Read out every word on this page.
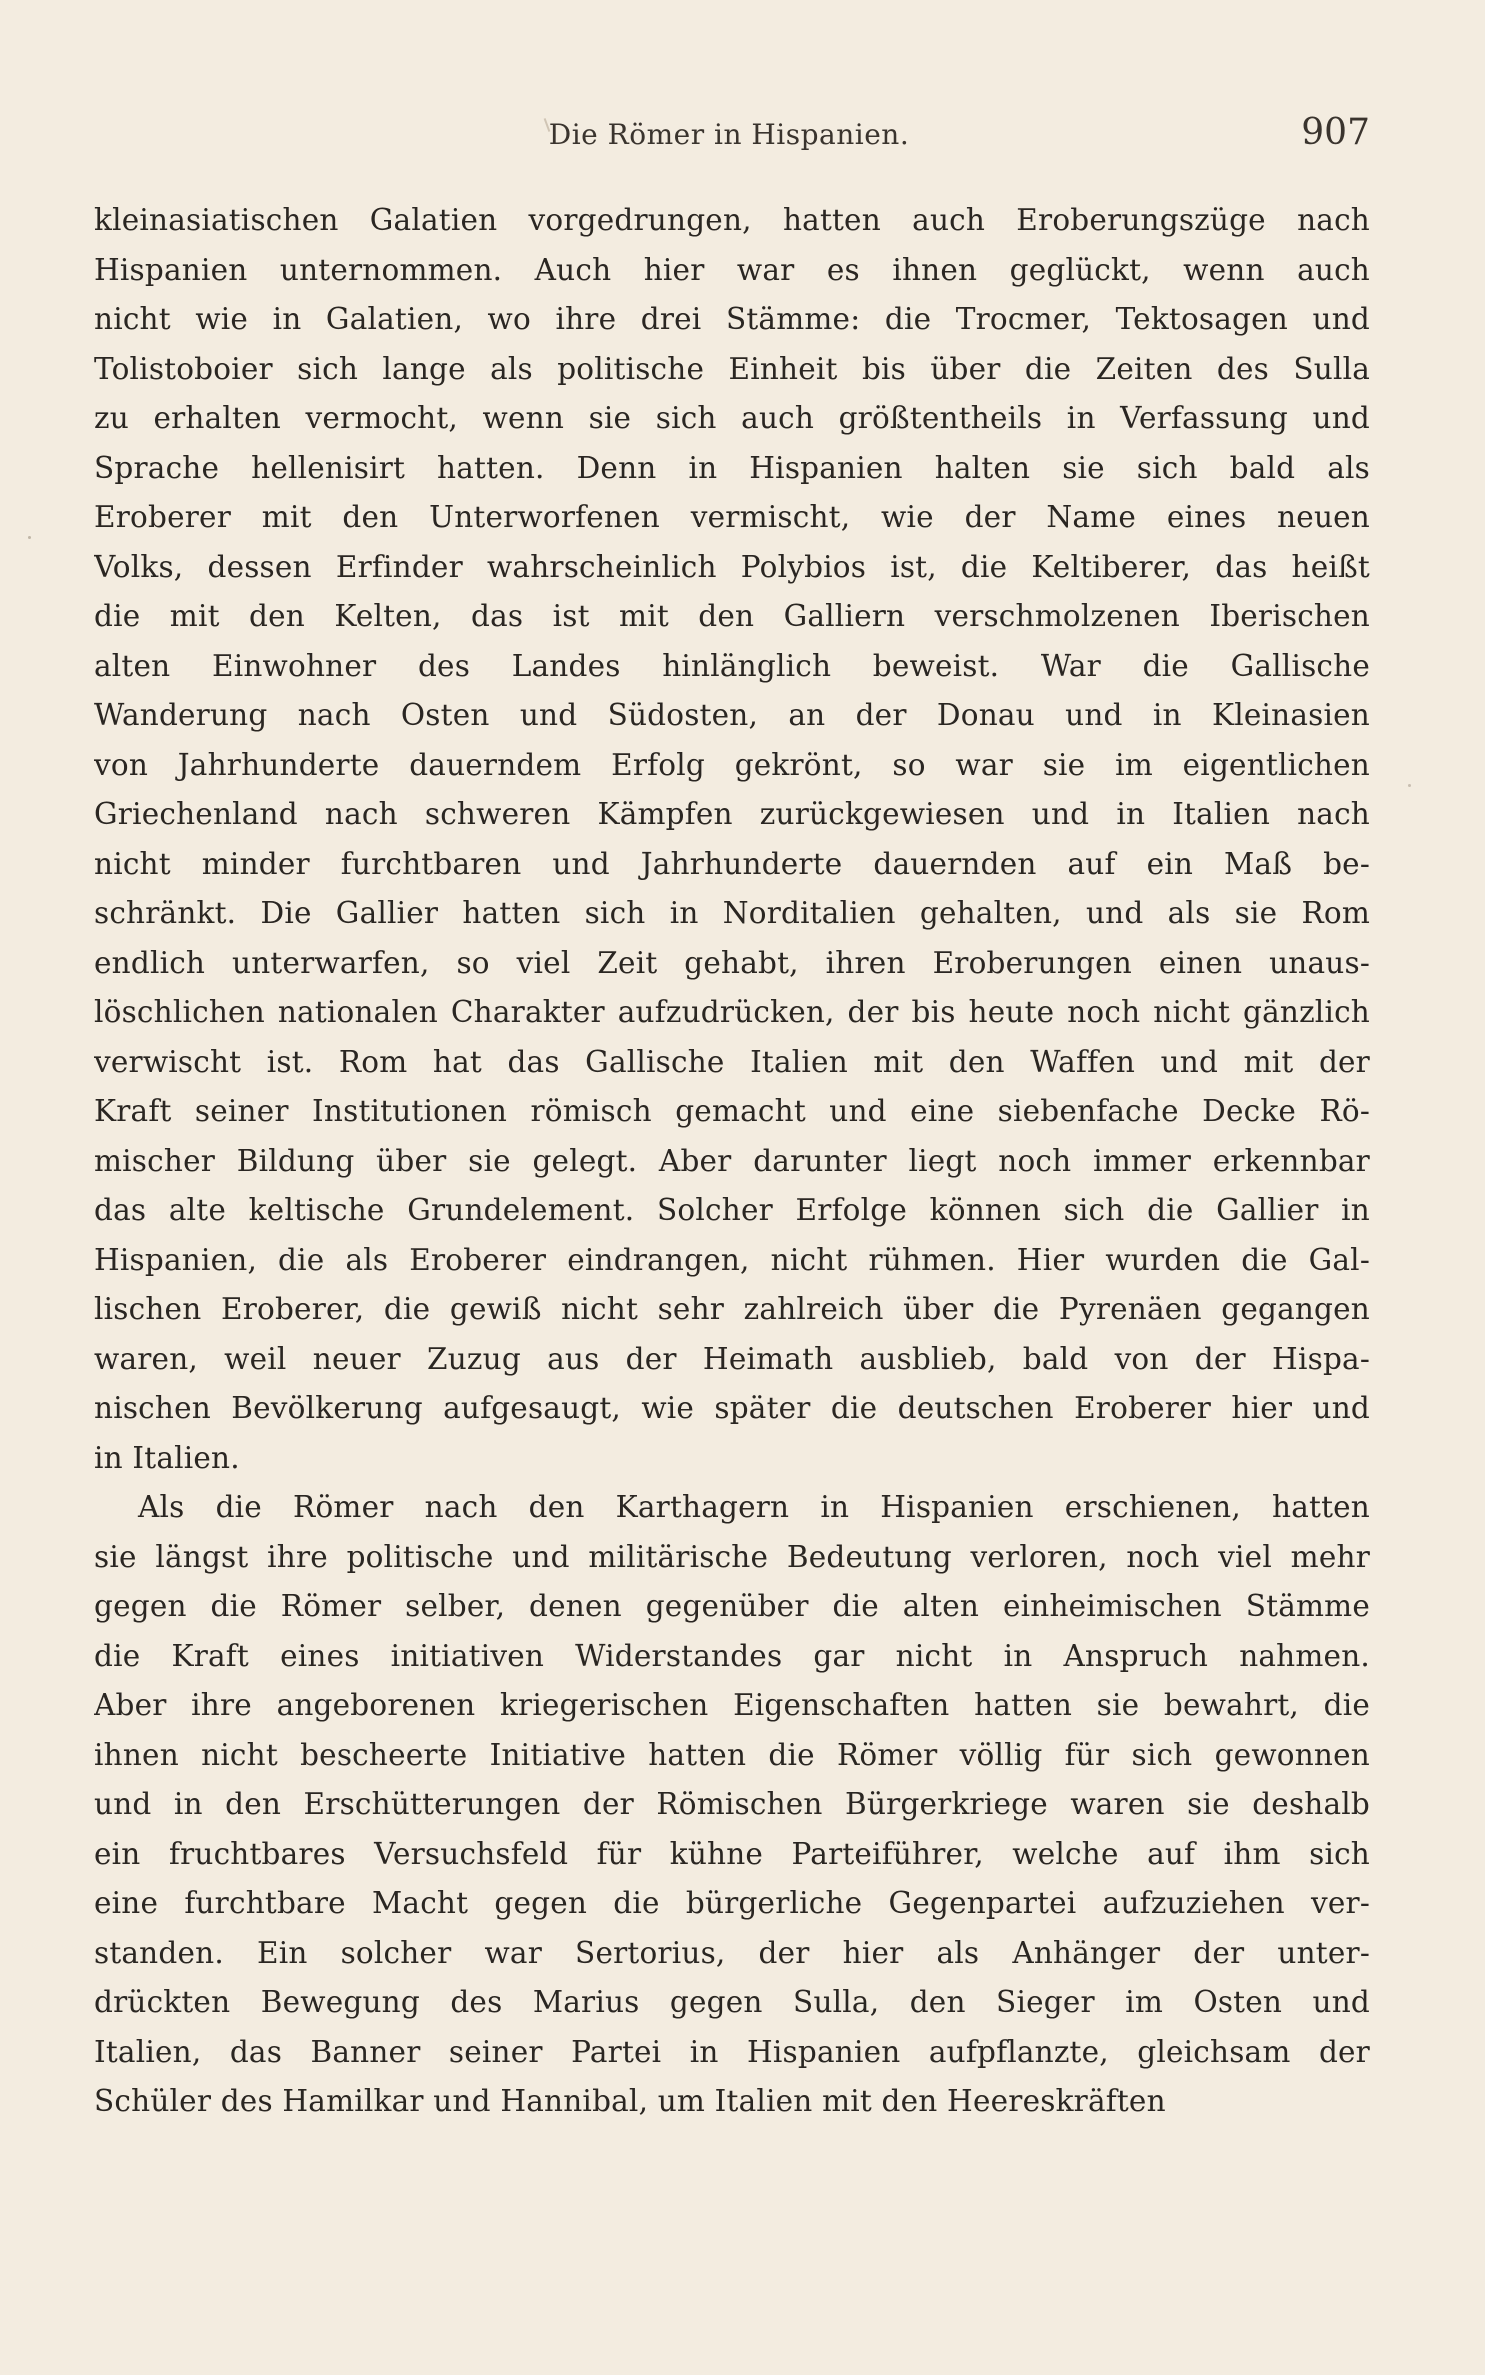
Die Römer in Hispanien.	907
kleinasiatischen Galatien vorgedrungen, hatten auch Eroberungszüge nach
Hispanien unternommen. Auch hier war es ihnen geglückt, wenn auch
nicht wie in Galatien, wo ihre drei Stämme: die Trocmer, Tektosagen und
Tolistoboier sich lange als politische Einheit bis über die Zeiten des Sulla
zu erhalten vermocht, wenn sie sich auch größtentheils in Verfassung und
Sprache hellenisirt hatten. Denn in Hispanien halten sie sich bald als
Eroberer mit den Unterworfenen vermischt, wie der Name eines neuen
Volks, dessen Erfinder wahrscheinlich Polybios ist, die Keltiberer, das heißt
die mit den Kelten, das ist mit den Galliern verschmolzenen Iberischen
alten Einwohner des Landes hinlänglich beweist. War die Gallische
Wanderung nach Osten und Südosten, an der Donau und in Kleinasien
von Jahrhunderte dauerndem Erfolg gekrönt, so war sie im eigentlichen
Griechenland nach schweren Kämpfen zurückgewiesen und in Italien nach
nicht minder furchtbaren und Jahrhunderte dauernden auf ein Maß be-
schränkt. Die Gallier hatten sich in Norditalien gehalten, und als sie Rom
endlich unterwarfen, so viel Zeit gehabt, ihren Eroberungen einen unaus-
löschlichen nationalen Charakter aufzudrücken, der bis heute noch nicht gänzlich
verwischt ist. Rom hat das Gallische Italien mit den Waffen und mit der
Kraft seiner Institutionen römisch gemacht und eine siebenfache Decke Rö-
mischer Bildung über sie gelegt. Aber darunter liegt noch immer erkennbar
das alte keltische Grundelement. Solcher Erfolge können sich die Gallier in
Hispanien, die als Eroberer eindrangen, nicht rühmen. Hier wurden die Gal-
lischen Eroberer, die gewiß nicht sehr zahlreich über die Pyrenäen gegangen
waren, weil neuer Zuzug aus der Heimath ausblieb, bald von der Hispa-
nischen Bevölkerung aufgesaugt, wie später die deutschen Eroberer hier und
in Italien.
Als die Römer nach den Karthagern in Hispanien erschienen, hatten
sie längst ihre politische und militärische Bedeutung verloren, noch viel mehr
gegen die Römer selber, denen gegenüber die alten einheimischen Stämme
die Kraft eines initiativen Widerstandes gar nicht in Anspruch nahmen.
Aber ihre angeborenen kriegerischen Eigenschaften hatten sie bewahrt, die
ihnen nicht bescheerte Initiative hatten die Römer völlig für sich gewonnen
und in den Erschütterungen der Römischen Bürgerkriege waren sie deshalb
ein fruchtbares Versuchsfeld für kühne Parteiführer, welche auf ihm sich
eine furchtbare Macht gegen die bürgerliche Gegenpartei aufzuziehen ver-
standen. Ein solcher war Sertorius, der hier als Anhänger der unter-
drückten Bewegung des Marius gegen Sulla, den Sieger im Osten und
Italien, das Banner seiner Partei in Hispanien aufpflanzte, gleichsam der
Schüler des Hamilkar und Hannibal, um Italien mit den Heereskräften
